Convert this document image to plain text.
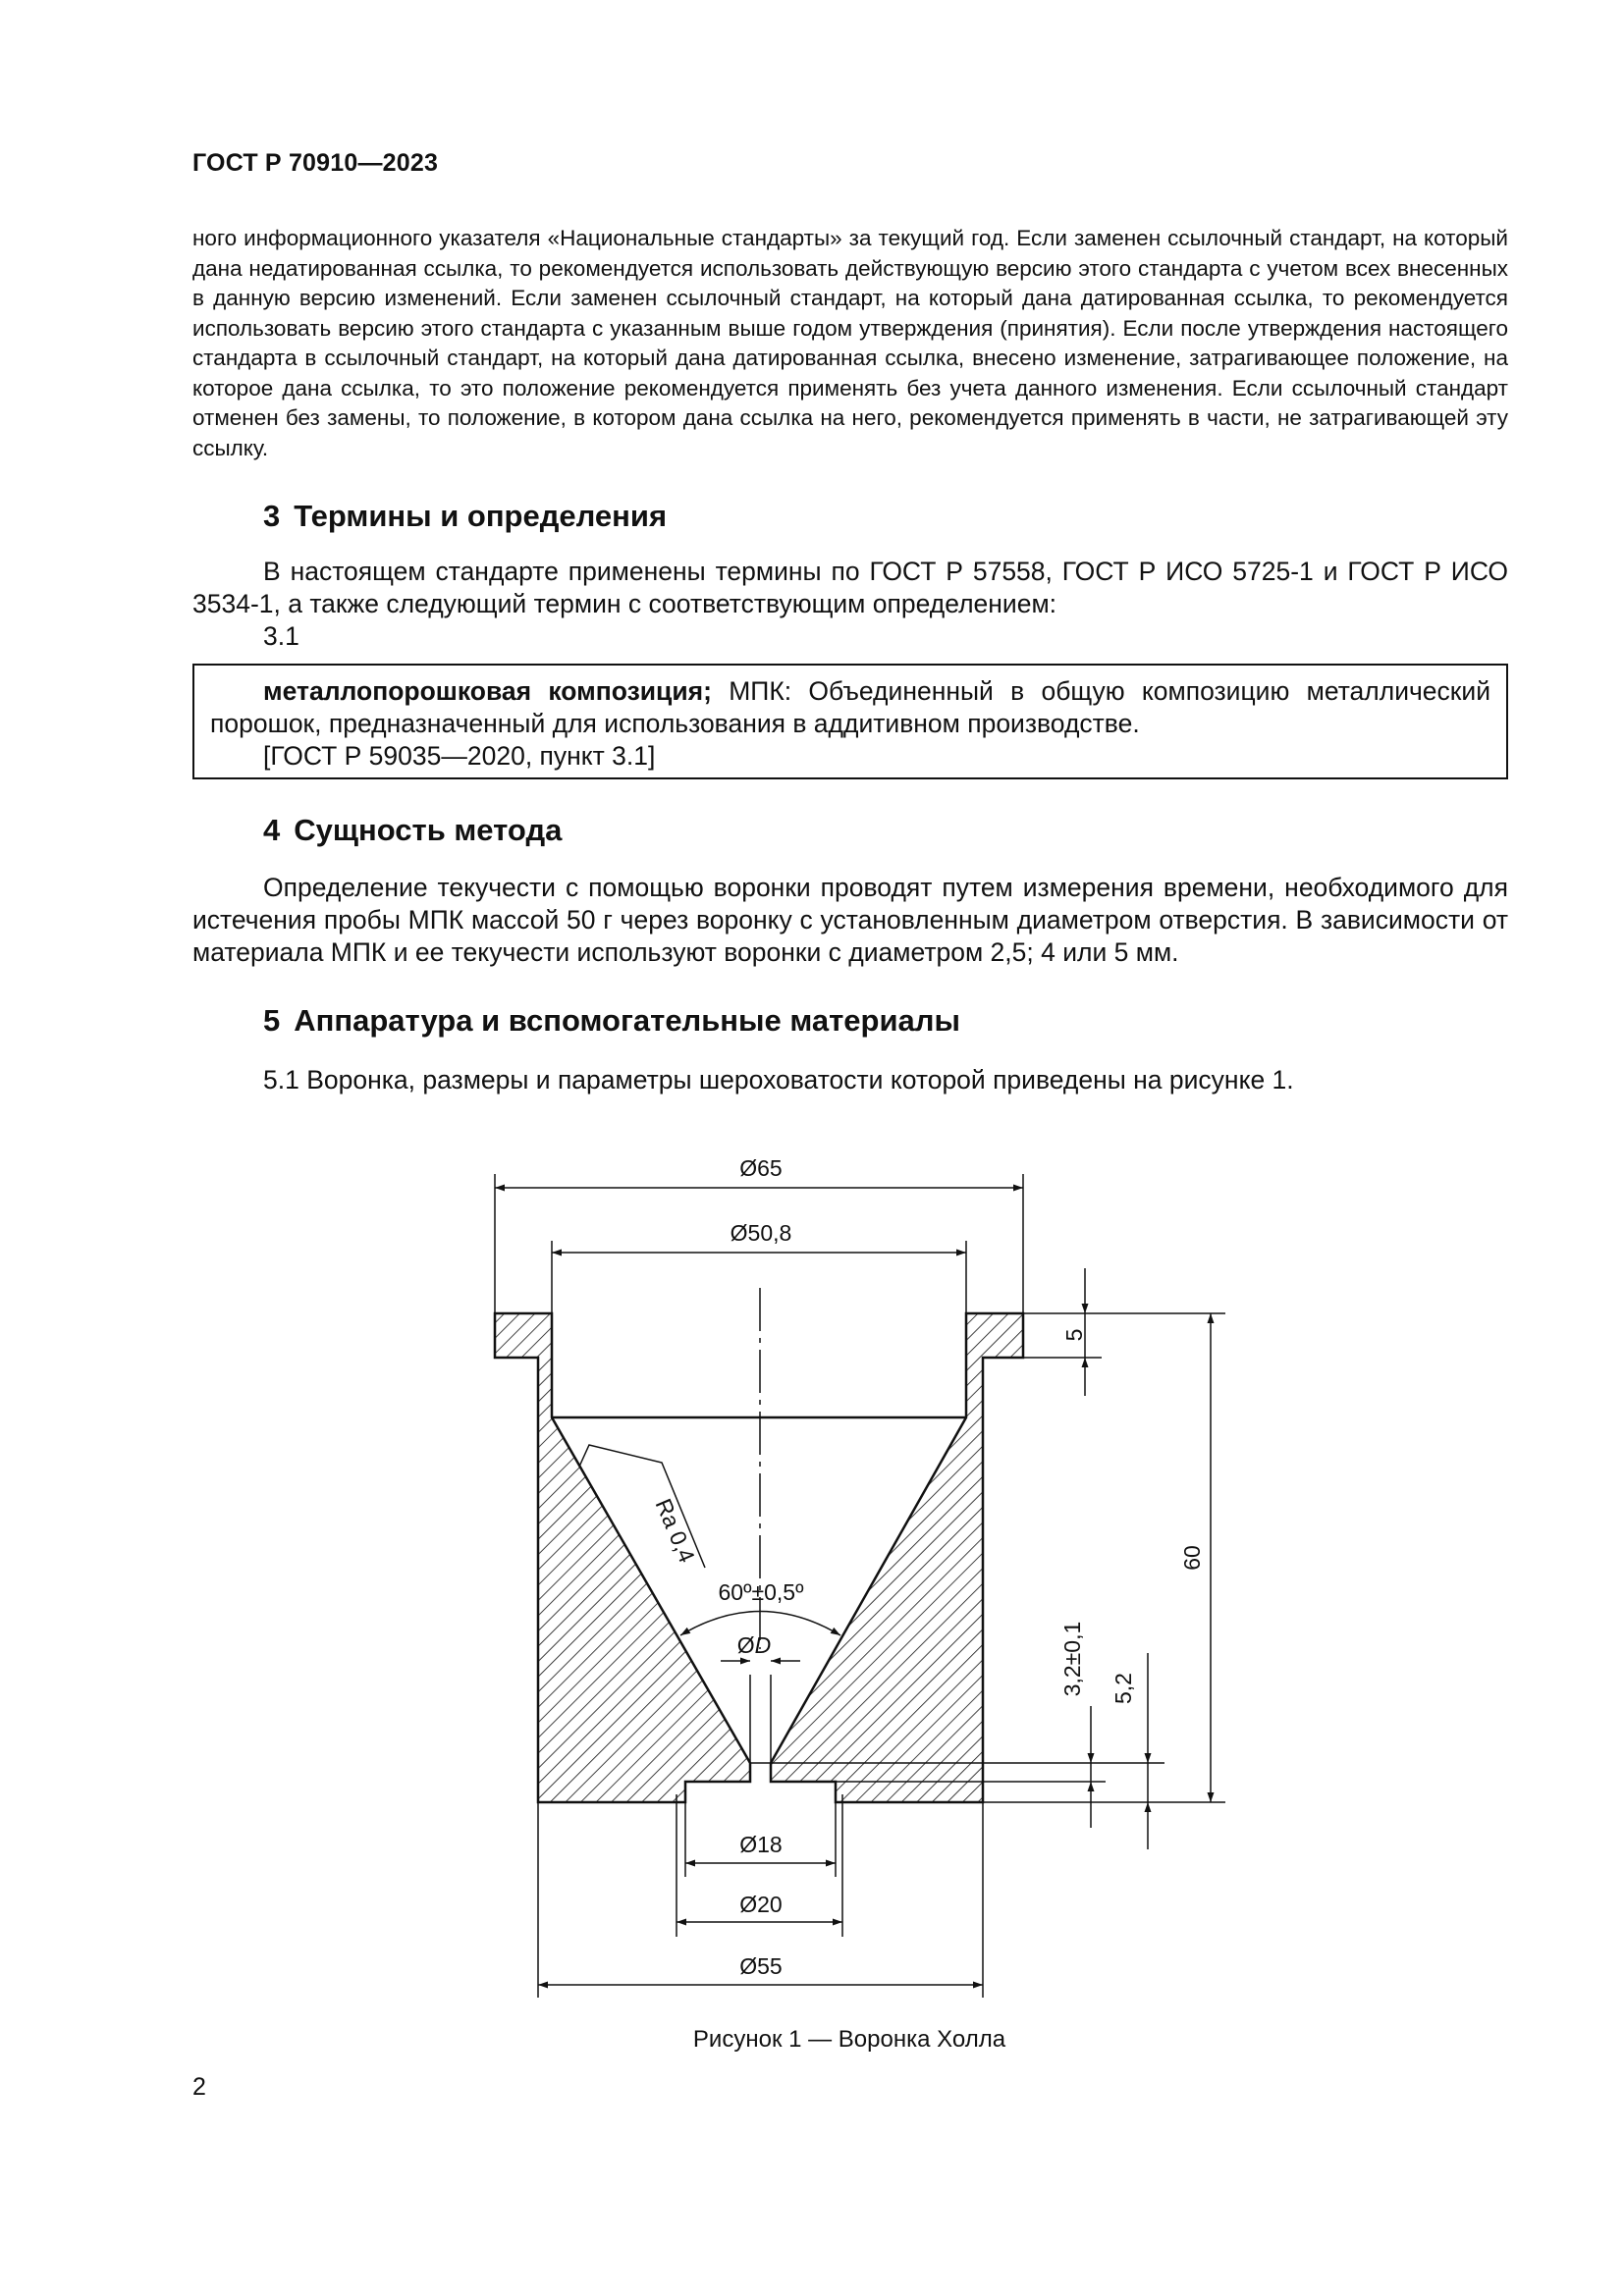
ГОСТ Р 70910—2023

ного информационного указателя «Национальные стандарты» за текущий год. Если заменен ссылочный стандарт, на который дана недатированная ссылка, то рекомендуется использовать действующую версию этого стандарта с учетом всех внесенных в данную версию изменений. Если заменен ссылочный стандарт, на который дана датированная ссылка, то рекомендуется использовать версию этого стандарта с указанным выше годом утверждения (принятия). Если после утверждения настоящего стандарта в ссылочный стандарт, на который дана датированная ссылка, внесено изменение, затрагивающее положение, на которое дана ссылка, то это положение рекомендуется применять без учета данного изменения. Если ссылочный стандарт отменен без замены, то положение, в котором дана ссылка на него, рекомендуется применять в части, не затрагивающей эту ссылку.

3 Термины и определения

В настоящем стандарте применены термины по ГОСТ Р 57558, ГОСТ Р ИСО 5725-1 и ГОСТ Р ИСО 3534-1, а также следующий термин с соответствующим определением:

3.1

металлопорошковая композиция; МПК: Объединенный в общую композицию металлический порошок, предназначенный для использования в аддитивном производстве.

[ГОСТ Р 59035—2020, пункт 3.1]

4 Сущность метода

Определение текучести с помощью воронки проводят путем измерения времени, необходимого для истечения пробы МПК массой 50 г через воронку с установленным диаметром отверстия. В зависимости от материала МПК и ее текучести используют воронки с диаметром 2,5; 4 или 5 мм.

5 Аппаратура и вспомогательные материалы

5.1 Воронка, размеры и параметры шероховатости которой приведены на рисунке 1.

Ø65
Ø50,8
5
60
3,2±0,1 5,2
Ra 0,4
60º±0,5º
ØD
Ø18
Ø20
Ø55
Рисунок 1 — Воронка Холла
2
